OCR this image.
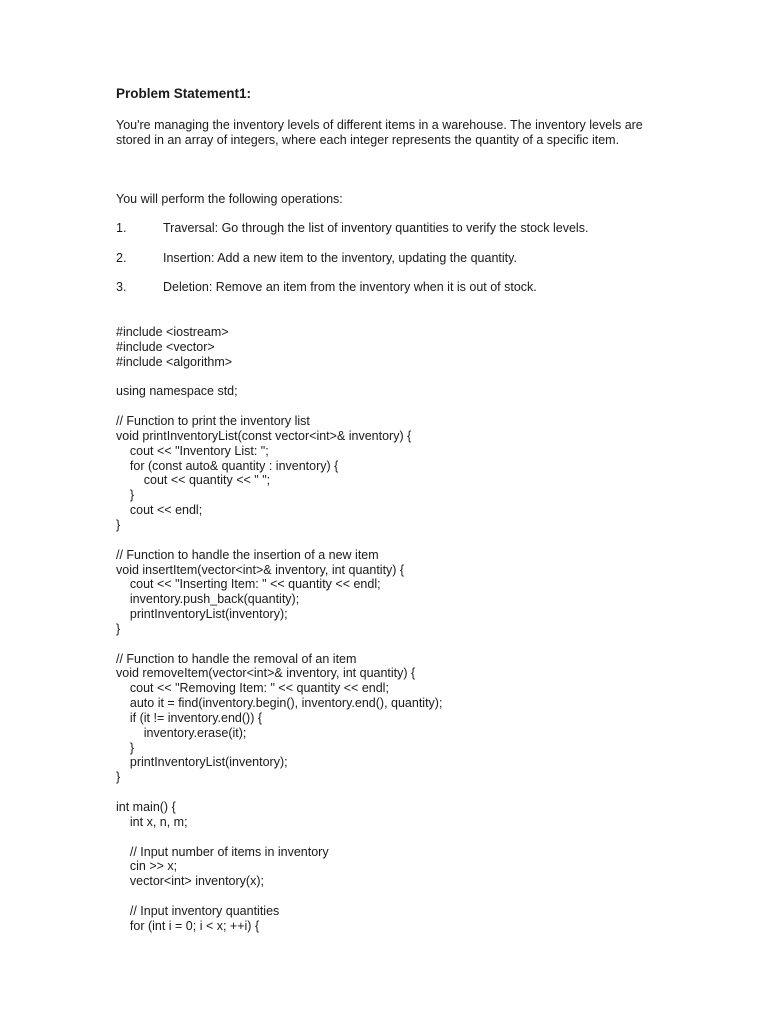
Problem Statement1:

You're managing the inventory levels of different items in a warehouse. The inventory levels are stored in an array of integers, where each integer represents the quantity of a specific item.

You will perform the following operations:

1.

	Traversal: Go through the list of inventory quantities to verify the stock levels.

2.

	Insertion: Add a new item to the inventory, updating the quantity.

3.

	Deletion: Remove an item from the inventory when it is out of stock.

#include <iostream>
#include <vector>
#include <algorithm>
using namespace std;
// Function to print the inventory list
void printInventoryList(const vector<int>& inventory) {
cout << "Inventory List: ";
for (const auto& quantity : inventory) {
cout << quantity << " ";
}
cout << endl;
}
// Function to handle the insertion of a new item
void insertItem(vector<int>& inventory, int quantity) {
cout << "Inserting Item: " << quantity << endl;
inventory.push_back(quantity);
printInventoryList(inventory);
}
// Function to handle the removal of an item
void removeItem(vector<int>& inventory, int quantity) {
cout << "Removing Item: " << quantity << endl;
auto it = find(inventory.begin(), inventory.end(), quantity);
if (it != inventory.end()) {
inventory.erase(it);
}
printInventoryList(inventory);
}
int main() {
int x, n, m;
// Input number of items in inventory
cin >> x;
vector<int> inventory(x);
// Input inventory quantities
for (int i = 0; i < x; ++i) {
